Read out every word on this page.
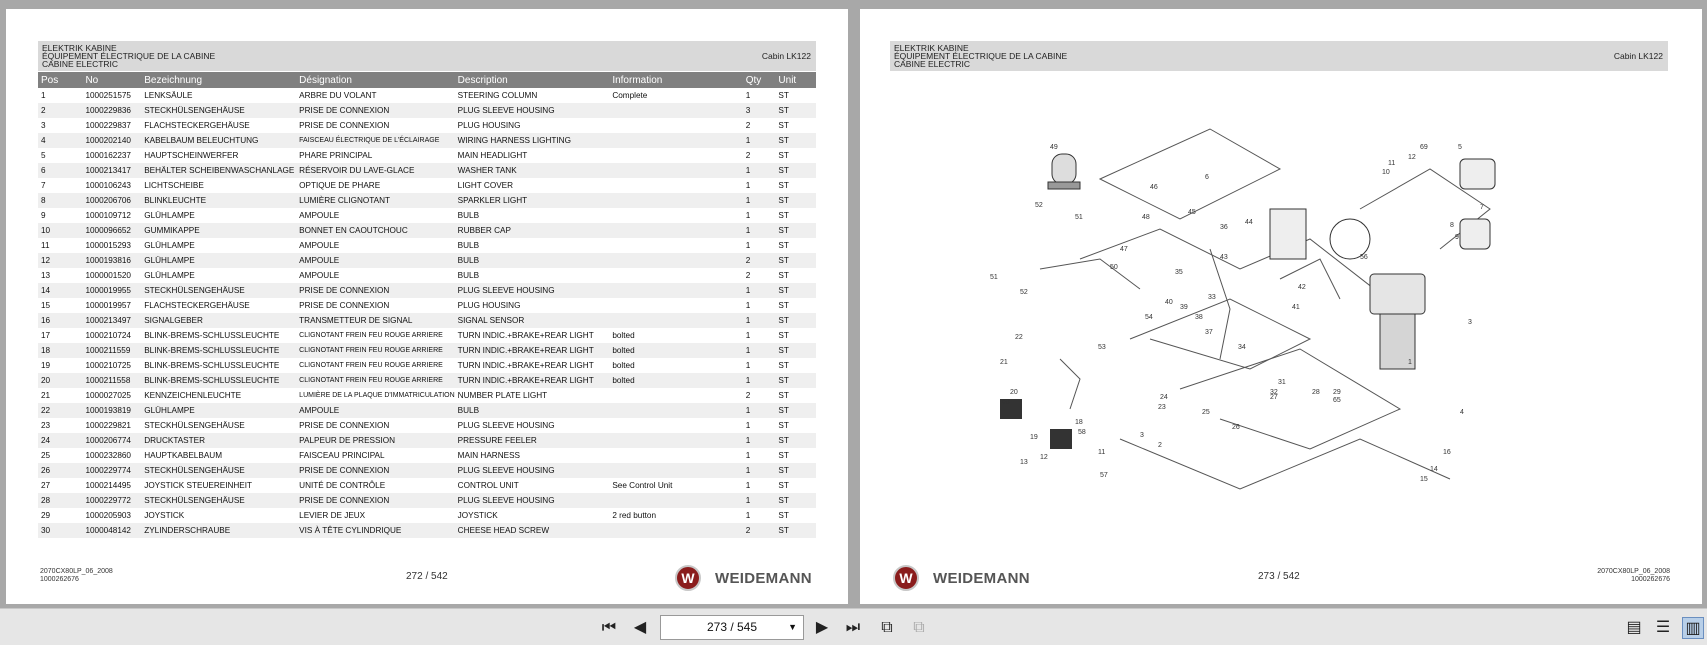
ELEKTRIK KABINE
ÉQUIPEMENT ÉLECTRIQUE DE LA CABINE
CABINE ELECTRIC
Cabin LK122
Pos	No	Bezeichnung	Désignation	Description	Information	Qty	Unit
1	1000251575	LENKSÄULE	ARBRE DU VOLANT	STEERING COLUMN	Complete	1	ST
2	1000229836	STECKHÜLSENGEHÄUSE	PRISE DE CONNEXION	PLUG SLEEVE HOUSING		3	ST
3	1000229837	FLACHSTECKERGEHÄUSE	PRISE DE CONNEXION	PLUG HOUSING		2	ST
4	1000202140	KABELBAUM BELEUCHTUNG	FAISCEAU ÉLECTRIQUE DE L'ÉCLAIRAGE	WIRING HARNESS LIGHTING		1	ST
5	1000162237	HAUPTSCHEINWERFER	PHARE PRINCIPAL	MAIN HEADLIGHT		2	ST
6	1000213417	BEHÄLTER SCHEIBENWASCHANLAGE	RÉSERVOIR DU LAVE-GLACE	WASHER TANK		1	ST
7	1000106243	LICHTSCHEIBE	OPTIQUE DE PHARE	LIGHT COVER		1	ST
8	1000206706	BLINKLEUCHTE	LUMIÈRE CLIGNOTANT	SPARKLER LIGHT		1	ST
9	1000109712	GLÜHLAMPE	AMPOULE	BULB		1	ST
10	1000096652	GUMMIKAPPE	BONNET EN CAOUTCHOUC	RUBBER CAP		1	ST
11	1000015293	GLÜHLAMPE	AMPOULE	BULB		1	ST
12	1000193816	GLÜHLAMPE	AMPOULE	BULB		2	ST
13	1000001520	GLÜHLAMPE	AMPOULE	BULB		2	ST
14	1000019955	STECKHÜLSENGEHÄUSE	PRISE DE CONNEXION	PLUG SLEEVE HOUSING		1	ST
15	1000019957	FLACHSTECKERGEHÄUSE	PRISE DE CONNEXION	PLUG HOUSING		1	ST
16	1000213497	SIGNALGEBER	TRANSMETTEUR DE SIGNAL	SIGNAL SENSOR		1	ST
17	1000210724	BLINK-BREMS-SCHLUSSLEUCHTE	CLIGNOTANT FREIN FEU ROUGE ARRIERE	TURN INDIC.+BRAKE+REAR LIGHT	bolted	1	ST
18	1000211559	BLINK-BREMS-SCHLUSSLEUCHTE	CLIGNOTANT FREIN FEU ROUGE ARRIERE	TURN INDIC.+BRAKE+REAR LIGHT	bolted	1	ST
19	1000210725	BLINK-BREMS-SCHLUSSLEUCHTE	CLIGNOTANT FREIN FEU ROUGE ARRIERE	TURN INDIC.+BRAKE+REAR LIGHT	bolted	1	ST
20	1000211558	BLINK-BREMS-SCHLUSSLEUCHTE	CLIGNOTANT FREIN FEU ROUGE ARRIERE	TURN INDIC.+BRAKE+REAR LIGHT	bolted	1	ST
21	1000027025	KENNZEICHENLEUCHTE	LUMIÈRE DE LA PLAQUE D'IMMATRICULATION	NUMBER PLATE LIGHT		2	ST
22	1000193819	GLÜHLAMPE	AMPOULE	BULB		1	ST
23	1000229821	STECKHÜLSENGEHÄUSE	PRISE DE CONNEXION	PLUG SLEEVE HOUSING		1	ST
24	1000206774	DRUCKTASTER	PALPEUR DE PRESSION	PRESSURE FEELER		1	ST
25	1000232860	HAUPTKABELBAUM	FAISCEAU PRINCIPAL	MAIN HARNESS		1	ST
26	1000229774	STECKHÜLSENGEHÄUSE	PRISE DE CONNEXION	PLUG SLEEVE HOUSING		1	ST
27	1000214495	JOYSTICK STEUEREINHEIT	UNITÉ DE CONTRÔLE	CONTROL UNIT	See Control Unit	1	ST
28	1000229772	STECKHÜLSENGEHÄUSE	PRISE DE CONNEXION	PLUG SLEEVE HOUSING		1	ST
29	1000205903	JOYSTICK	LEVIER DE JEUX	JOYSTICK	2 red button	1	ST
30	1000048142	ZYLINDERSCHRAUBE	VIS À TÊTE CYLINDRIQUE	CHEESE HEAD SCREW		2	ST
2070CX80LP_06_2008
1000262676	272 / 542	W	WEIDEMANN
ELEKTRIK KABINE
ÉQUIPEMENT ÉLECTRIQUE DE LA CABINE
CABINE ELECTRIC
Cabin LK122
49
52
51
46
6
45
36
44
48
47
50
35
51
52
43
33
42
41
40
39
38
37
34
54
53
22
21
20
60
13
12
19
18
58
11
57
3
2
24
23
25
26
27
31
32	28 29
65
1
4
16
14
15
5
7
10
11
69
12
56
8
9
3
273 / 542
W	WEIDEMANN	2070CX80LP_06_2008
1000262676
⏮	◀	273 / 545	▼	▶	⏭	⧉	⧉	▤ ☰ ▥
